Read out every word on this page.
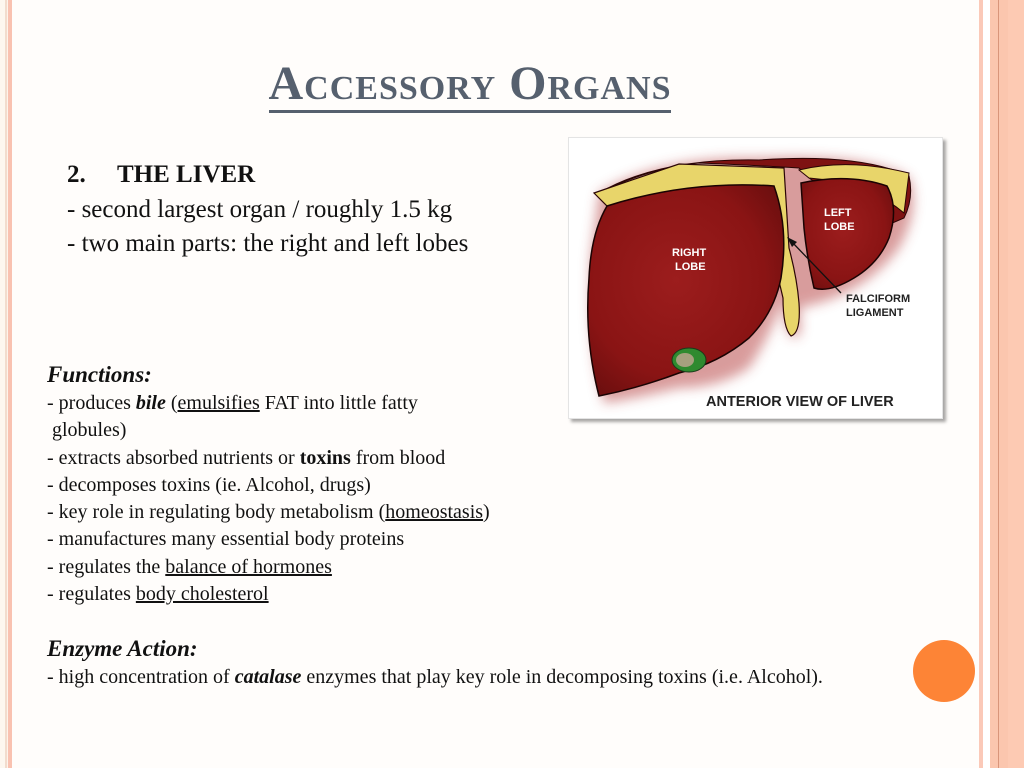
Accessory Organs
2. THE LIVER
- second largest organ / roughly 1.5 kg
- two main parts: the right and left lobes	RIGHT
LOBE
LEFT
LOBE
FALCIFORM
LIGAMENT
ANTERIOR VIEW OF LIVER
Functions:
- produces bile (emulsifies FAT into little fatty
globules)
- extracts absorbed nutrients or toxins from blood
- decomposes toxins (ie. Alcohol, drugs)
- key role in regulating body metabolism (homeostasis)
- manufactures many essential body proteins
- regulates the balance of hormones
- regulates body cholesterol
Enzyme Action:
- high concentration of catalase enzymes that play key role in decomposing toxins (i.e. Alcohol).
